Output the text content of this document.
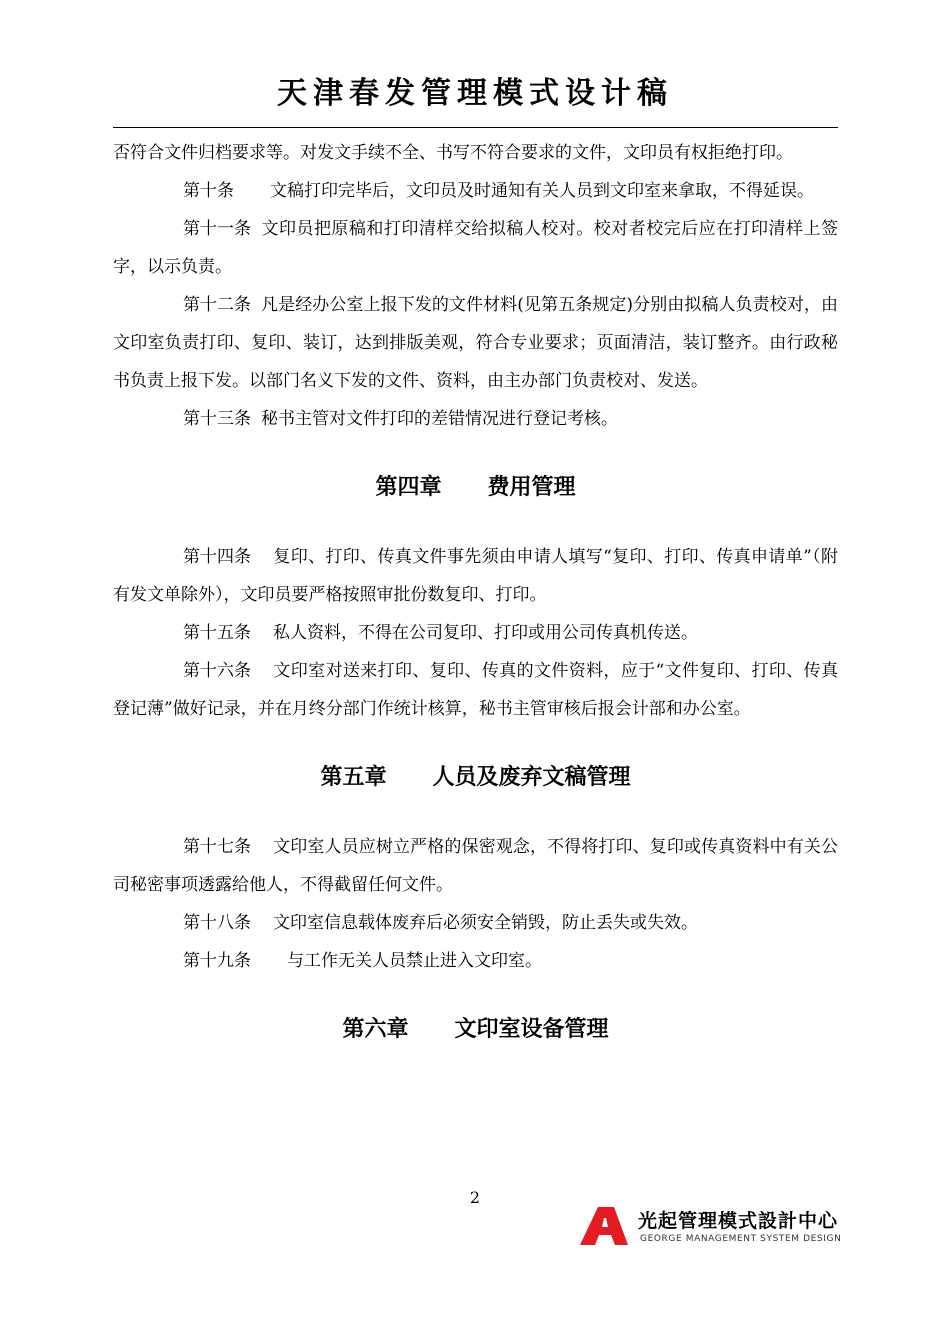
天津春发管理模式设计稿

否符合文件归档要求等。对发文手续不全、书写不符合要求的文件，文印员有权拒绝打印。

第十条 文稿打印完毕后，文印员及时通知有关人员到文印室来拿取，不得延误。

第十一条 文印员把原稿和打印清样交给拟稿人校对。校对者校完后应在打印清样上签字，以示负责。

第十二条 凡是经办公室上报下发的文件材料(见第五条规定)分别由拟稿人负责校对，由文印室负责打印、复印、装订，达到排版美观，符合专业要求；页面清洁，装订整齐。由行政秘书负责上报下发。以部门名义下发的文件、资料，由主办部门负责校对、发送。

第十三条 秘书主管对文件打印的差错情况进行登记考核。

第四章 费用管理

第十四条 复印、打印、传真文件事先须由申请人填写“复印、打印、传真申请单”（附有发文单除外），文印员要严格按照审批份数复印、打印。

第十五条 私人资料，不得在公司复印、打印或用公司传真机传送。

第十六条 文印室对送来打印、复印、传真的文件资料，应于“文件复印、打印、传真登记薄”做好记录，并在月终分部门作统计核算，秘书主管审核后报会计部和办公室。

第五章 人员及废弃文稿管理

第十七条 文印室人员应树立严格的保密观念，不得将打印、复印或传真资料中有关公司秘密事项透露给他人，不得截留任何文件。

第十八条 文印室信息载体废弃后必须安全销毁，防止丢失或失效。

第十九条 与工作无关人员禁止进入文印室。

第六章 文印室设备管理
2
光起管理模式設計中心
GEORGE MANAGEMENT SYSTEM DESIGN
